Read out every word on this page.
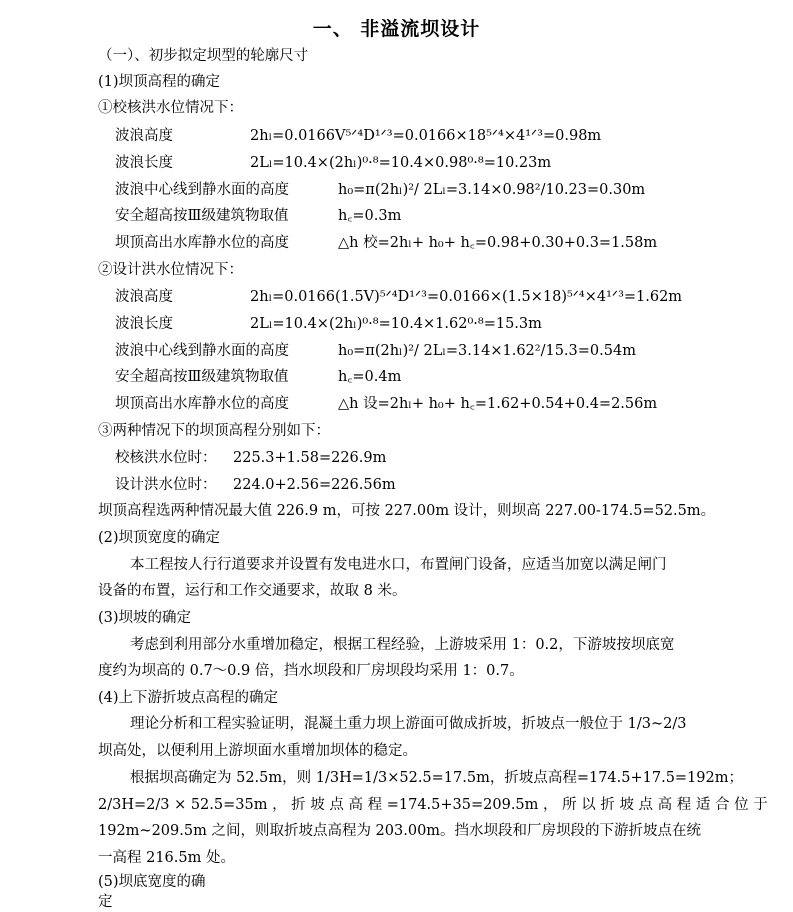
一、 非溢流坝设计
（一）、初步拟定坝型的轮廓尺寸
(1)坝顶高程的确定
①校核洪水位情况下：
波浪高度	2hₗ=0.0166V⁵ᐟ⁴D¹ᐟ³=0.0166×18⁵ᐟ⁴×4¹ᐟ³=0.98m
波浪长度	2Lₗ=10.4×(2hₗ)⁰·⁸=10.4×0.98⁰·⁸=10.23m
波浪中心线到静水面的高度	h₀=π(2hₗ)²/ 2Lₗ=3.14×0.98²/10.23=0.30m
安全超高按Ⅲ级建筑物取值	h꜀=0.3m
坝顶高出水库静水位的高度	△h 校=2hₗ+ h₀+ h꜀=0.98+0.30+0.3=1.58m
②设计洪水位情况下：
波浪高度	2hₗ=0.0166(1.5V)⁵ᐟ⁴D¹ᐟ³=0.0166×(1.5×18)⁵ᐟ⁴×4¹ᐟ³=1.62m
波浪长度	2Lₗ=10.4×(2hₗ)⁰·⁸=10.4×1.62⁰·⁸=15.3m
波浪中心线到静水面的高度	h₀=π(2hₗ)²/ 2Lₗ=3.14×1.62²/15.3=0.54m
安全超高按Ⅲ级建筑物取值	h꜀=0.4m
坝顶高出水库静水位的高度	△h 设=2hₗ+ h₀+ h꜀=1.62+0.54+0.4=2.56m
③两种情况下的坝顶高程分别如下：
校核洪水位时： 225.3+1.58=226.9m
设计洪水位时： 224.0+2.56=226.56m
坝顶高程选两种情况最大值 226.9 m，可按 227.00m 设计，则坝高 227.00-174.5=52.5m。
(2)坝顶宽度的确定
本工程按人行行道要求并设置有发电进水口，布置闸门设备，应适当加宽以满足闸门
设备的布置，运行和工作交通要求，故取 8 米。
(3)坝坡的确定
考虑到利用部分水重增加稳定，根据工程经验，上游坡采用 1：0.2，下游坡按坝底宽
度约为坝高的 0.7～0.9 倍，挡水坝段和厂房坝段均采用 1：0.7。
(4)上下游折坡点高程的确定
理论分析和工程实验证明，混凝土重力坝上游面可做成折坡，折坡点一般位于 1/3~2/3
坝高处，以便利用上游坝面水重增加坝体的稳定。
根据坝高确定为 52.5m，则 1/3H=1/3×52.5=17.5m，折坡点高程=174.5+17.5=192m；
2/3H=2/3 × 52.5=35m ， 折 坡 点 高 程 =174.5+35=209.5m ， 所 以 折 坡 点 高 程 适 合 位 于
192m~209.5m 之间，则取折坡点高程为 203.00m。挡水坝段和厂房坝段的下游折坡点在统
一高程 216.5m 处。
(5)坝底宽度的确定
